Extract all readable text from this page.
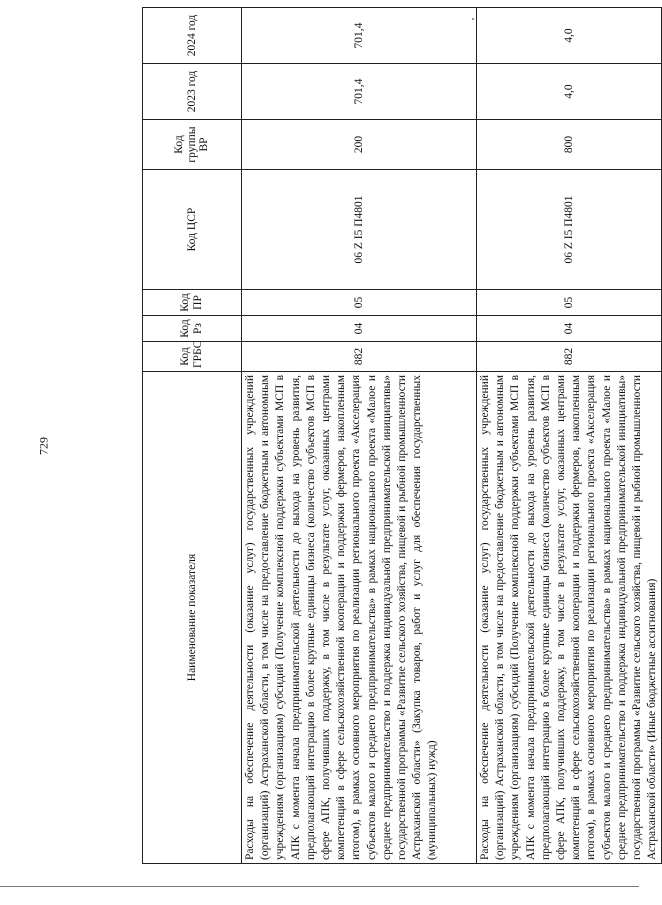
729
Наименование показателя	Код ГРБС	Код Рз	Код ПР	Код ЦСР	Код группы ВР	2023 год	2024 год
Расходы на обеспечение деятельности (оказание услуг) государственных учреждений (организаций) Астраханской области, в том числе на предоставление бюджетным и автономным учреждениям (организациям) субсидий (Получение комплексной поддержки субъектами МСП в АПК с момента начала предпринимательской деятельности до выхода на уровень развития, предполагающий интеграцию в более крупные единицы бизнеса (количество субъектов МСП в сфере АПК, получивших поддержку, в том числе в результате услуг, оказанных центрами компетенций в сфере сельскохозяйственной кооперации и поддержки фермеров, накопленным итогом), в рамках основного мероприятия по реализации регионального проекта «Акселерация субъектов малого и среднего предпринимательства» в рамках национального проекта «Малое и среднее предпринимательство и поддержка индивидуальной предпринимательской инициативы» государственной программы «Развитие сельского хозяйства, пищевой и рыбной промышленности Астраханской области» (Закупка товаров, работ и услуг для обеспечения государственных (муниципальных) нужд)	882	04	05	06 Z I5 П4801	200	701,4	701,4
Расходы на обеспечение деятельности (оказание услуг) государственных учреждений (организаций) Астраханской области, в том числе на предоставление бюджетным и автономным учреждениям (организациям) субсидий (Получение комплексной поддержки субъектами МСП в АПК с момента начала предпринимательской деятельности до выхода на уровень развития, предполагающий интеграцию в более крупные единицы бизнеса (количество субъектов МСП в сфере АПК, получивших поддержку, в том числе в результате услуг, оказанных центрами компетенций в сфере сельскохозяйственной кооперации и поддержки фермеров, накопленным итогом), в рамках основного мероприятия по реализации регионального проекта «Акселерация субъектов малого и среднего предпринимательства» в рамках национального проекта «Малое и среднее предпринимательство и поддержка индивидуальной предпринимательской инициативы» государственной программы «Развитие сельского хозяйства, пищевой и рыбной промышленности Астраханской области» (Иные бюджетные ассигнования)	882	04	05	06 Z I5 П4801	800	4,0	4,0
